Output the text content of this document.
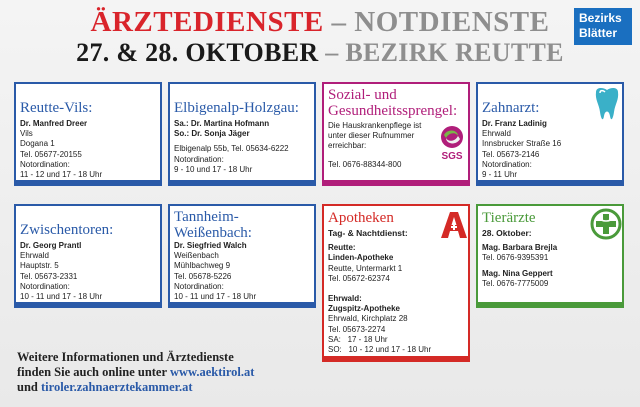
ÄRZTEDIENSTE – NOTDIENSTE
27. & 28. OKTOBER – BEZIRK REUTTE
Bezirks
Blätter
Reutte-Vils:
Dr. Manfred Dreer
Vils
Dogana 1
Tel. 05677-20155
Notordination:
11 - 12 und 17 - 18 Uhr
Elbigenalp-Holzgau:
Sa.: Dr. Martina Hofmann
So.: Dr. Sonja Jäger
Elbigenalp 55b, Tel. 05634-6222
Notordination:
9 - 10 und 17 - 18 Uhr
Sozial- und
Gesundheitssprengel:
Die Hauskrankenpflege ist
unter dieser Rufnummer
erreichbar:
Tel. 0676-88344-800
SGS
Zahnarzt:
Dr. Franz Ladinig
Ehrwald
Innsbrucker Straße 16
Tel. 05673-2146
Notordination:
9 - 11 Uhr
Zwischentoren:
Dr. Georg Prantl
Ehrwald
Hauptstr. 5
Tel. 05673-2331
Notordination:
10 - 11 und 17 - 18 Uhr
Tannheim-
Weißenbach:
Dr. Siegfried Walch
Weißenbach
Mühlbachweg 9
Tel. 05678-5226
Notordination:
10 - 11 und 17 - 18 Uhr
Apotheken
Tag- & Nachtdienst:
Reutte:
Linden-Apotheke
Reutte, Untermarkt 1
Tel. 05672-62374
Ehrwald:
Zugspitz-Apotheke
Ehrwald, Kirchplatz 28
Tel. 05673-2274
SA:   17 - 18 Uhr
SO:   10 - 12 und 17 - 18 Uhr
Tierärzte
28. Oktober:
Mag. Barbara Brejla
Tel. 0676-9395391
Mag. Nina Geppert
Tel. 0676-7775009
Weitere Informationen und Ärztedienste
finden Sie auch online unter www.aektirol.at
und tiroler.zahnaerztekammer.at
